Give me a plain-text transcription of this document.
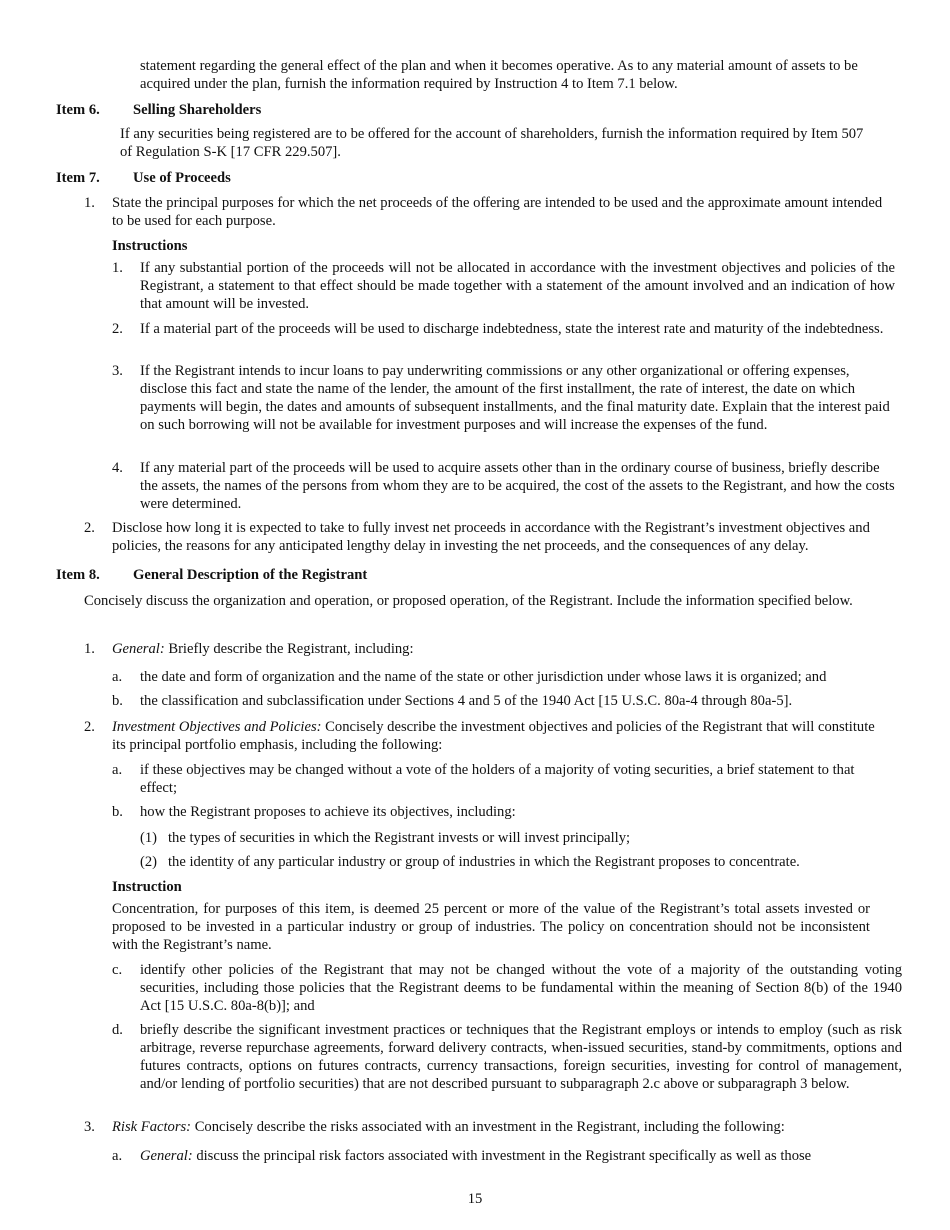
statement regarding the general effect of the plan and when it becomes operative. As to any material amount of assets to be acquired under the plan, furnish the information required by Instruction 4 to Item 7.1 below.
Item 6. Selling Shareholders
If any securities being registered are to be offered for the account of shareholders, furnish the information required by Item 507 of Regulation S-K [17 CFR 229.507].
Item 7. Use of Proceeds
1. State the principal purposes for which the net proceeds of the offering are intended to be used and the approximate amount intended to be used for each purpose.
Instructions
1. If any substantial portion of the proceeds will not be allocated in accordance with the investment objectives and policies of the Registrant, a statement to that effect should be made together with a statement of the amount involved and an indication of how that amount will be invested.
2. If a material part of the proceeds will be used to discharge indebtedness, state the interest rate and maturity of the indebtedness.
3. If the Registrant intends to incur loans to pay underwriting commissions or any other organizational or offering expenses, disclose this fact and state the name of the lender, the amount of the first installment, the rate of interest, the date on which payments will begin, the dates and amounts of subsequent installments, and the final maturity date. Explain that the interest paid on such borrowing will not be available for investment purposes and will increase the expenses of the fund.
4. If any material part of the proceeds will be used to acquire assets other than in the ordinary course of business, briefly describe the assets, the names of the persons from whom they are to be acquired, the cost of the assets to the Registrant, and how the costs were determined.
2. Disclose how long it is expected to take to fully invest net proceeds in accordance with the Registrant’s investment objectives and policies, the reasons for any anticipated lengthy delay in investing the net proceeds, and the consequences of any delay.
Item 8. General Description of the Registrant
Concisely discuss the organization and operation, or proposed operation, of the Registrant. Include the information specified below.
1. General: Briefly describe the Registrant, including:
a. the date and form of organization and the name of the state or other jurisdiction under whose laws it is organized; and
b. the classification and subclassification under Sections 4 and 5 of the 1940 Act [15 U.S.C. 80a-4 through 80a-5].
2. Investment Objectives and Policies: Concisely describe the investment objectives and policies of the Registrant that will constitute its principal portfolio emphasis, including the following:
a. if these objectives may be changed without a vote of the holders of a majority of voting securities, a brief statement to that effect;
b. how the Registrant proposes to achieve its objectives, including:
(1) the types of securities in which the Registrant invests or will invest principally;
(2) the identity of any particular industry or group of industries in which the Registrant proposes to concentrate.
Instruction
Concentration, for purposes of this item, is deemed 25 percent or more of the value of the Registrant’s total assets invested or proposed to be invested in a particular industry or group of industries. The policy on concentration should not be inconsistent with the Registrant’s name.
c. identify other policies of the Registrant that may not be changed without the vote of a majority of the outstanding voting securities, including those policies that the Registrant deems to be fundamental within the meaning of Section 8(b) of the 1940 Act [15 U.S.C. 80a-8(b)]; and
d. briefly describe the significant investment practices or techniques that the Registrant employs or intends to employ (such as risk arbitrage, reverse repurchase agreements, forward delivery contracts, when-issued securities, stand-by commitments, options and futures contracts, options on futures contracts, currency transactions, foreign securities, investing for control of management, and/or lending of portfolio securities) that are not described pursuant to subparagraph 2.c above or subparagraph 3 below.
3. Risk Factors: Concisely describe the risks associated with an investment in the Registrant, including the following:
a. General: discuss the principal risk factors associated with investment in the Registrant specifically as well as those
15
